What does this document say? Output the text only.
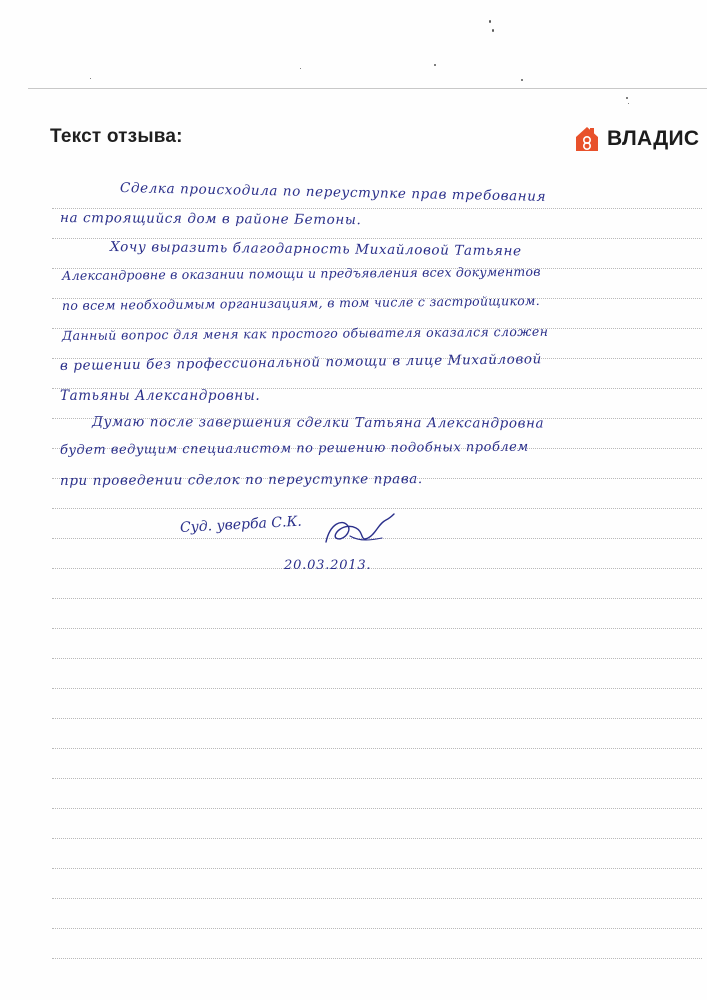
Текст отзыва:	ВЛАДИС
Сделка происходила по переуступке прав требования
на строящийся дом в районе Бетоны.
Хочу выразить благодарность Михайловой Татьяне
Александровне в оказании помощи и предъявления всех документов
по всем необходимым организациям, в том числе с застройщиком.
Данный вопрос для меня как простого обывателя оказался сложен
в решении без профессиональной помощи в лице Михайловой
Татьяны Александровны.
Думаю после завершения сделки Татьяна Александровна
будет ведущим специалистом по решению подобных проблем
при проведении сделок по переуступке права.
Суд. уверба С.К.
20.03.2013.
